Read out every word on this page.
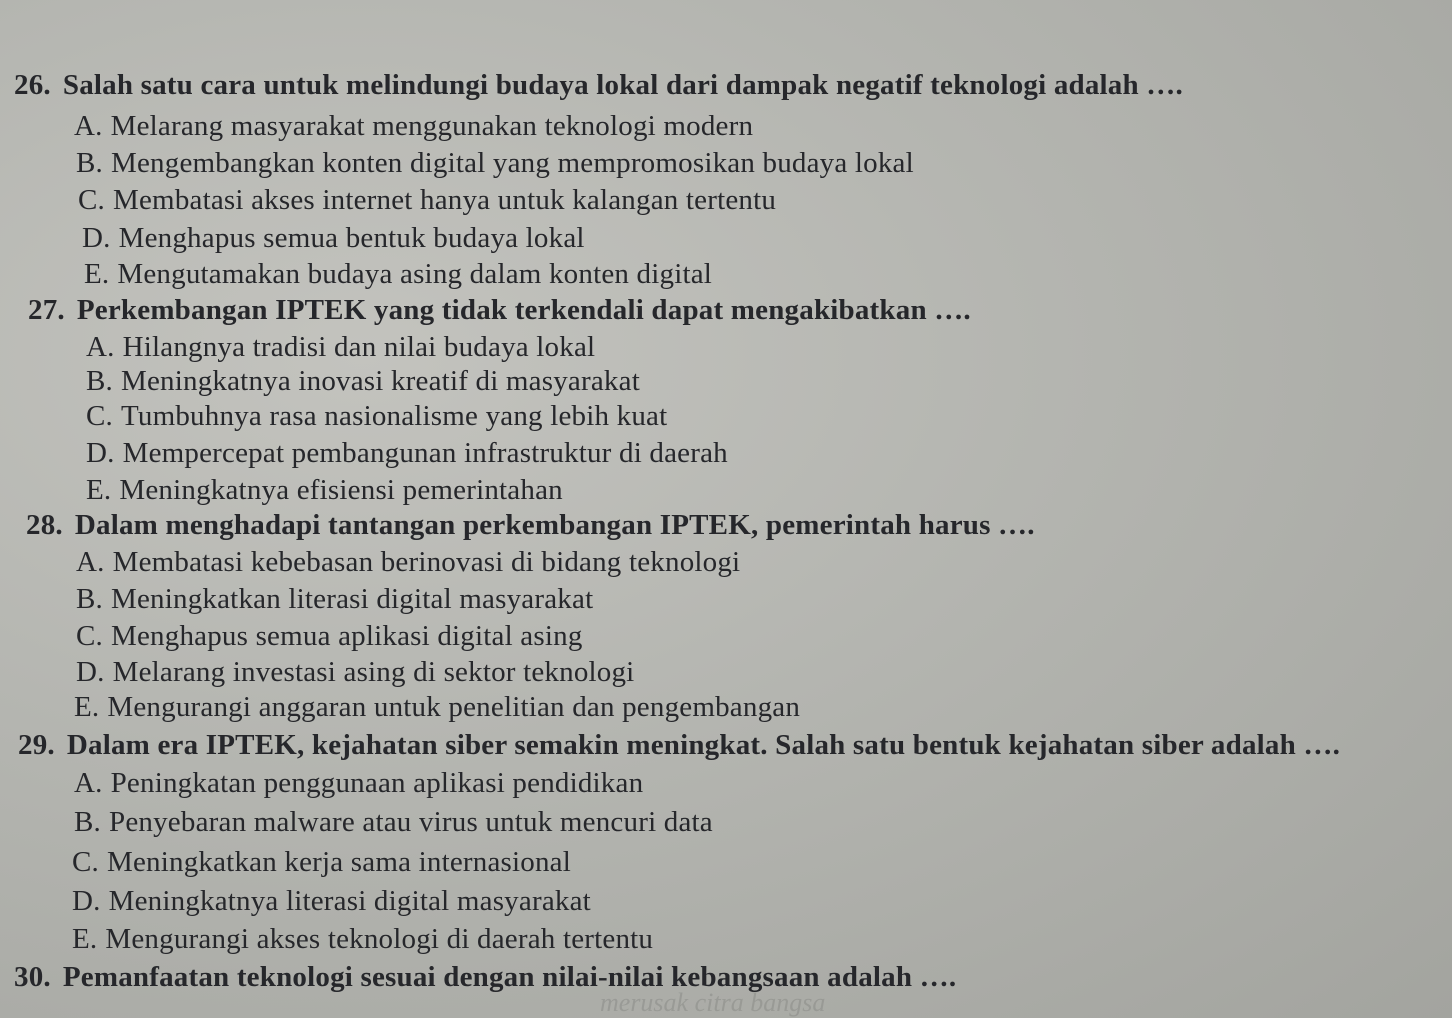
26. Salah satu cara untuk melindungi budaya lokal dari dampak negatif teknologi adalah ….
A. Melarang masyarakat menggunakan teknologi modern
B. Mengembangkan konten digital yang mempromosikan budaya lokal
C. Membatasi akses internet hanya untuk kalangan tertentu
D. Menghapus semua bentuk budaya lokal
E. Mengutamakan budaya asing dalam konten digital
27. Perkembangan IPTEK yang tidak terkendali dapat mengakibatkan ….
A. Hilangnya tradisi dan nilai budaya lokal
B. Meningkatnya inovasi kreatif di masyarakat
C. Tumbuhnya rasa nasionalisme yang lebih kuat
D. Mempercepat pembangunan infrastruktur di daerah
E. Meningkatnya efisiensi pemerintahan
28. Dalam menghadapi tantangan perkembangan IPTEK, pemerintah harus ….
A. Membatasi kebebasan berinovasi di bidang teknologi
B. Meningkatkan literasi digital masyarakat
C. Menghapus semua aplikasi digital asing
D. Melarang investasi asing di sektor teknologi
E. Mengurangi anggaran untuk penelitian dan pengembangan
29. Dalam era IPTEK, kejahatan siber semakin meningkat. Salah satu bentuk kejahatan siber adalah ….
A. Peningkatan penggunaan aplikasi pendidikan
B. Penyebaran malware atau virus untuk mencuri data
C. Meningkatkan kerja sama internasional
D. Meningkatnya literasi digital masyarakat
E. Mengurangi akses teknologi di daerah tertentu
30. Pemanfaatan teknologi sesuai dengan nilai-nilai kebangsaan adalah ….
merusak citra bangsa
